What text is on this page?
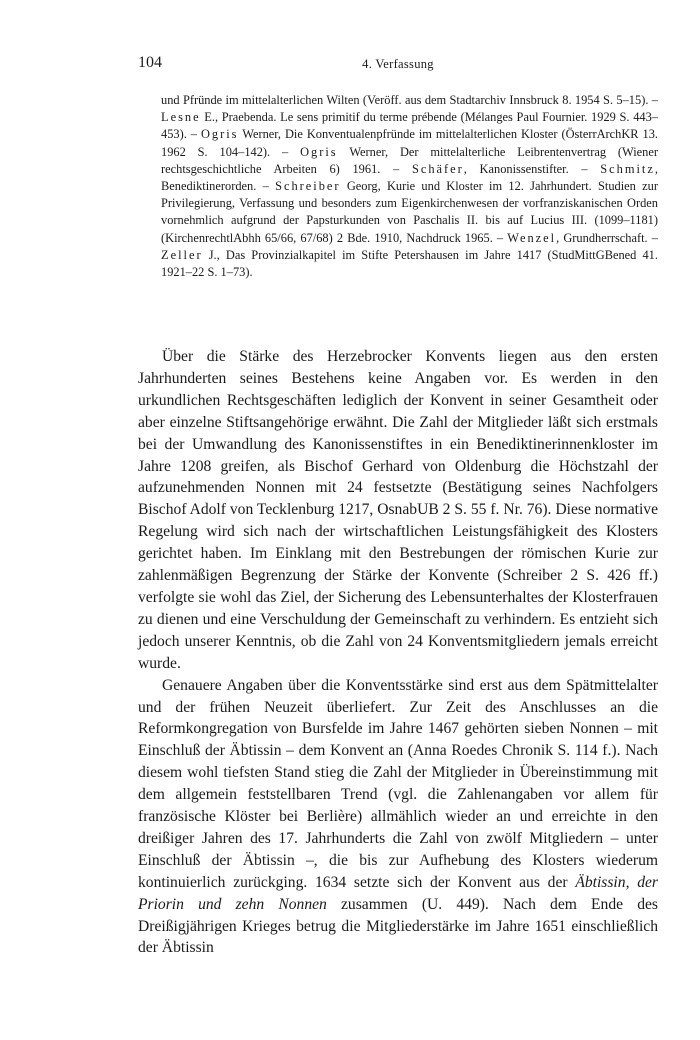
104	4. Verfassung

und Pfründe im mittelalterlichen Wilten (Veröff. aus dem Stadtarchiv Innsbruck 8. 1954 S. 5–15). – Lesne E., Praebenda. Le sens primitif du terme prébende (Mélanges Paul Fournier. 1929 S. 443–453). – Ogris Werner, Die Konventualenpfründe im mittelalterlichen Kloster (ÖsterrArchKR 13. 1962 S. 104–142). – Ogris Werner, Der mittelalterliche Leibrentenvertrag (Wiener rechtsgeschichtliche Arbeiten 6) 1961. – Schäfer, Kanonissenstifter. – Schmitz, Benediktinerorden. – Schreiber Georg, Kurie und Kloster im 12. Jahrhundert. Studien zur Privilegierung, Verfassung und besonders zum Eigenkirchenwesen der vorfranziskanischen Orden vornehmlich aufgrund der Papsturkunden von Paschalis II. bis auf Lucius III. (1099–1181) (KirchenrechtlAbhh 65/66, 67/68) 2 Bde. 1910, Nachdruck 1965. – Wenzel, Grundherrschaft. – Zeller J., Das Provinzialkapitel im Stifte Petershausen im Jahre 1417 (StudMittGBened 41. 1921–22 S. 1–73).

Über die Stärke des Herzebrocker Konvents liegen aus den ersten Jahrhunderten seines Bestehens keine Angaben vor. Es werden in den urkundlichen Rechtsgeschäften lediglich der Konvent in seiner Gesamtheit oder aber einzelne Stiftsangehörige erwähnt. Die Zahl der Mitglieder läßt sich erstmals bei der Umwandlung des Kanonissenstiftes in ein Benediktinerinnenkloster im Jahre 1208 greifen, als Bischof Gerhard von Oldenburg die Höchstzahl der aufzunehmenden Nonnen mit 24 festsetzte (Bestätigung seines Nachfolgers Bischof Adolf von Tecklenburg 1217, OsnabUB 2 S. 55 f. Nr. 76). Diese normative Regelung wird sich nach der wirtschaftlichen Leistungsfähigkeit des Klosters gerichtet haben. Im Einklang mit den Bestrebungen der römischen Kurie zur zahlenmäßigen Begrenzung der Stärke der Konvente (Schreiber 2 S. 426 ff.) verfolgte sie wohl das Ziel, der Sicherung des Lebensunterhaltes der Klosterfrauen zu dienen und eine Verschuldung der Gemeinschaft zu verhindern. Es entzieht sich jedoch unserer Kenntnis, ob die Zahl von 24 Konventsmitgliedern jemals erreicht wurde.

Genauere Angaben über die Konventsstärke sind erst aus dem Spätmittelalter und der frühen Neuzeit überliefert. Zur Zeit des Anschlusses an die Reformkongregation von Bursfelde im Jahre 1467 gehörten sieben Nonnen – mit Einschluß der Äbtissin – dem Konvent an (Anna Roedes Chronik S. 114 f.). Nach diesem wohl tiefsten Stand stieg die Zahl der Mitglieder in Übereinstimmung mit dem allgemein feststellbaren Trend (vgl. die Zahlenangaben vor allem für französische Klöster bei Berlière) allmählich wieder an und erreichte in den dreißiger Jahren des 17. Jahrhunderts die Zahl von zwölf Mitgliedern – unter Einschluß der Äbtissin –, die bis zur Aufhebung des Klosters wiederum kontinuierlich zurückging. 1634 setzte sich der Konvent aus der Äbtissin, der Priorin und zehn Nonnen zusammen (U. 449). Nach dem Ende des Dreißigjährigen Krieges betrug die Mitgliederstärke im Jahre 1651 einschließlich der Äbtissin
